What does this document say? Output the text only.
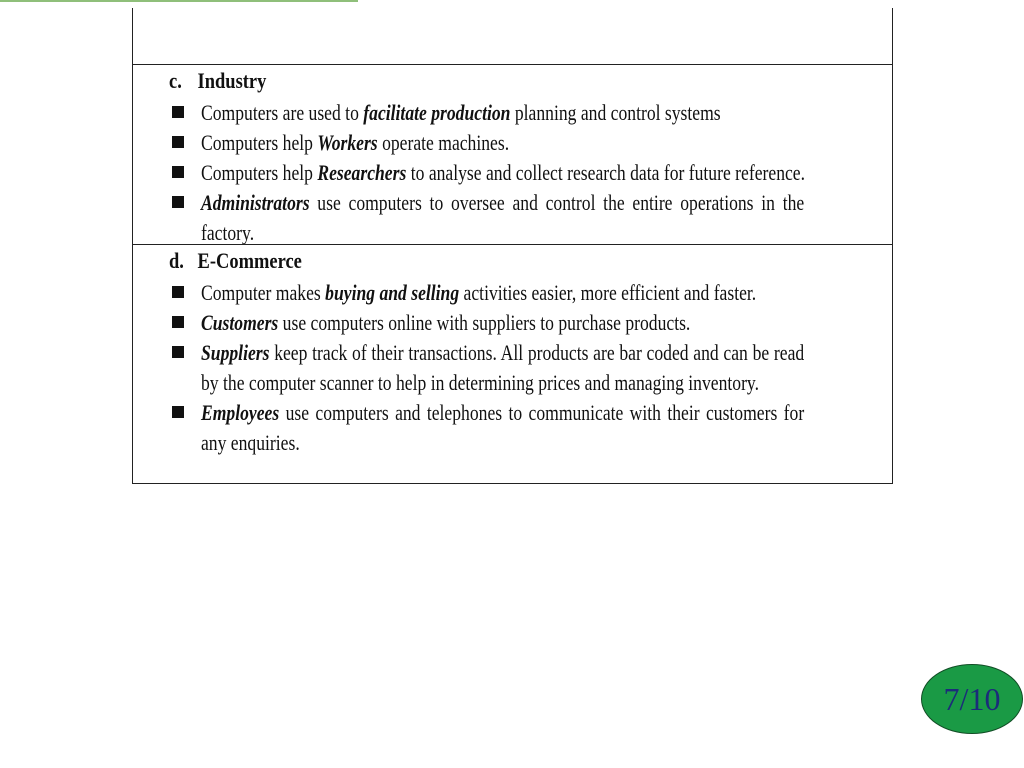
c. Industry
Computers are used to facilitate production planning and control systems
Computers help Workers operate machines.
Computers help Researchers to analyse and collect research data for future reference.
Administrators use computers to oversee and control the entire operations in the factory.
d. E-Commerce
Computer makes buying and selling activities easier, more efficient and faster.
Customers use computers online with suppliers to purchase products.
Suppliers keep track of their transactions. All products are bar coded and can be read by the computer scanner to help in determining prices and managing inventory.
Employees use computers and telephones to communicate with their customers for any enquiries.
7/10
